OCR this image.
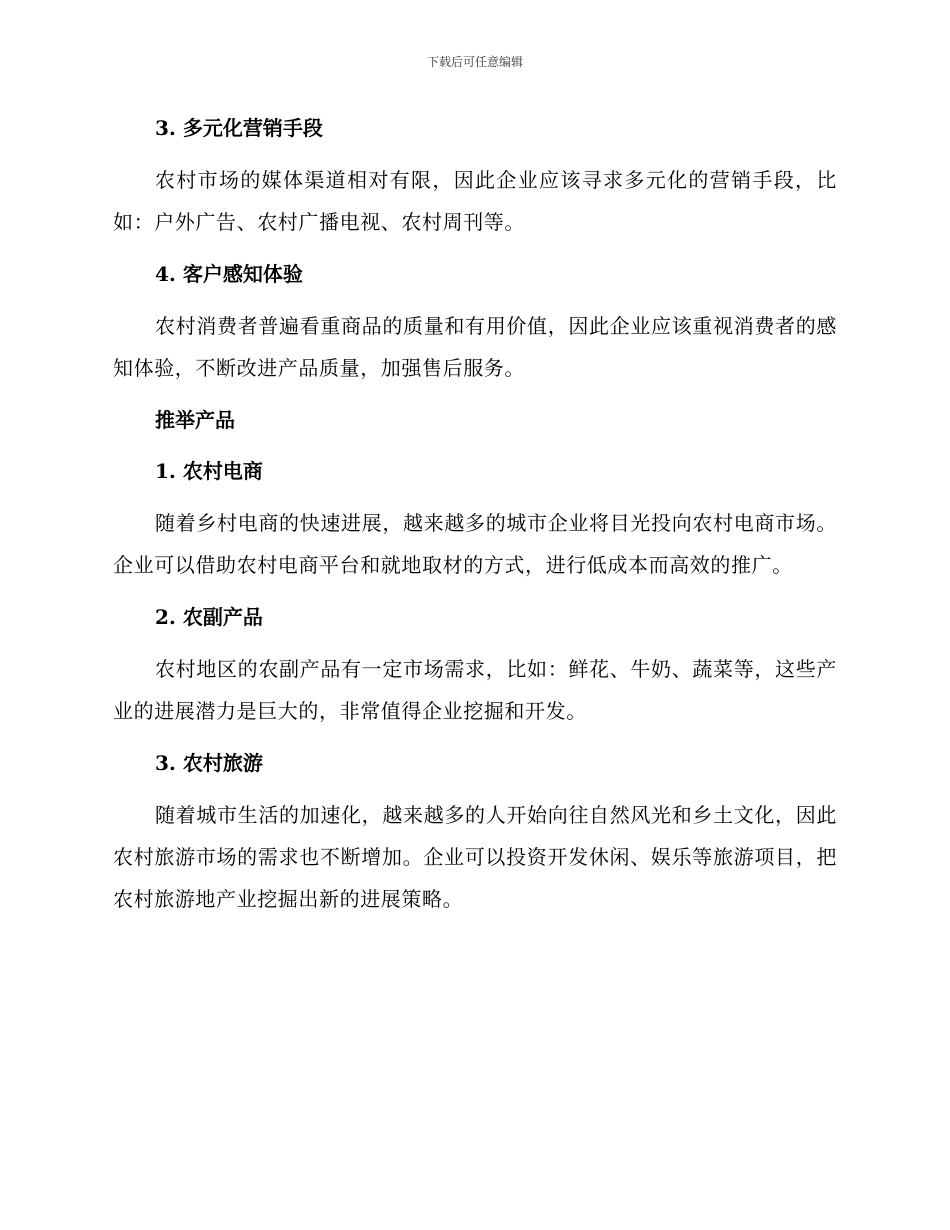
下载后可任意编辑
3. 多元化营销手段

农村市场的媒体渠道相对有限，因此企业应该寻求多元化的营销手段，比如：户外广告、农村广播电视、农村周刊等。

4. 客户感知体验

农村消费者普遍看重商品的质量和有用价值，因此企业应该重视消费者的感知体验，不断改进产品质量，加强售后服务。

推举产品
1. 农村电商

随着乡村电商的快速进展，越来越多的城市企业将目光投向农村电商市场。企业可以借助农村电商平台和就地取材的方式，进行低成本而高效的推广。

2. 农副产品

农村地区的农副产品有一定市场需求，比如：鲜花、牛奶、蔬菜等，这些产业的进展潜力是巨大的，非常值得企业挖掘和开发。

3. 农村旅游

随着城市生活的加速化，越来越多的人开始向往自然风光和乡土文化，因此农村旅游市场的需求也不断增加。企业可以投资开发休闲、娱乐等旅游项目，把农村旅游地产业挖掘出新的进展策略。
